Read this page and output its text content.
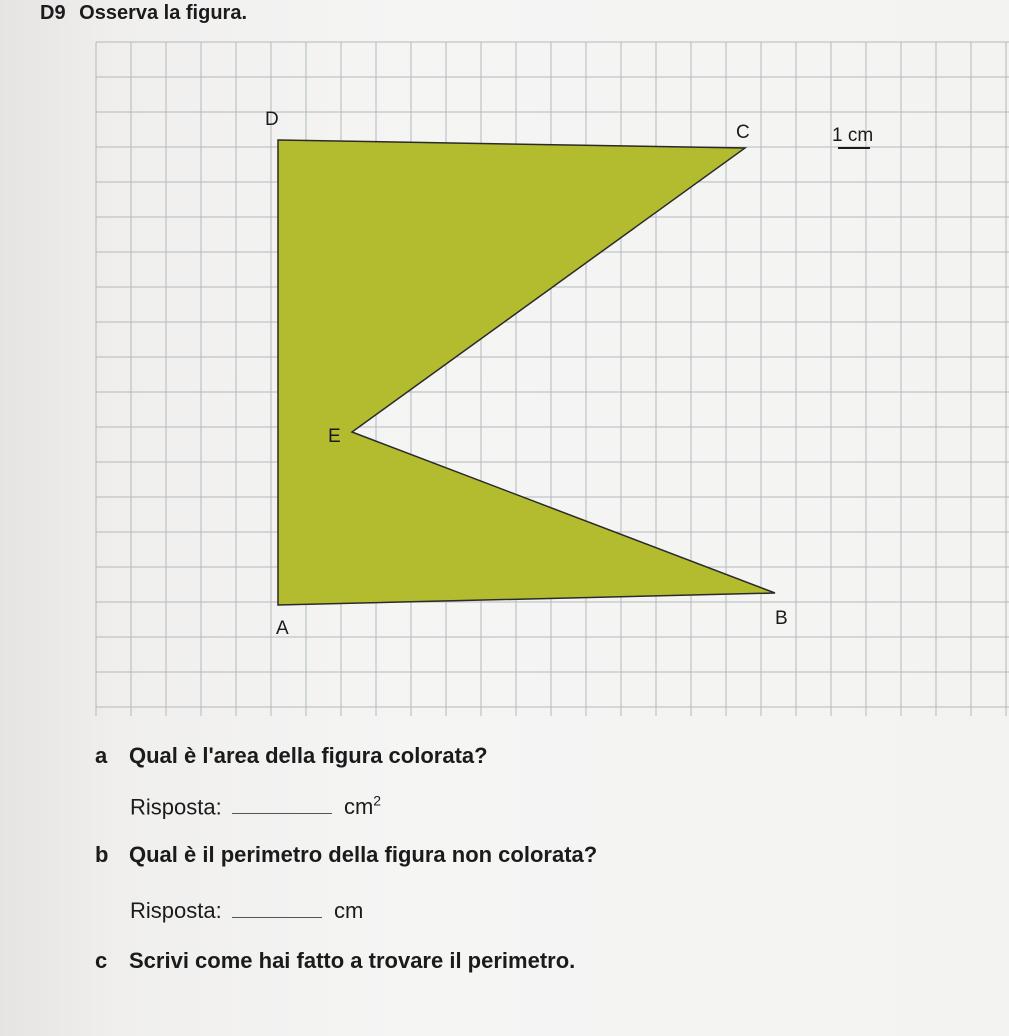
D9 Osserva la figura.
D
C
E
A	B
1 cm
a Qual è l'area della figura colorata?
Risposta:	$cm^2$
b Qual è il perimetro della figura non colorata?
Risposta:	cm
c Scrivi come hai fatto a trovare il perimetro.
